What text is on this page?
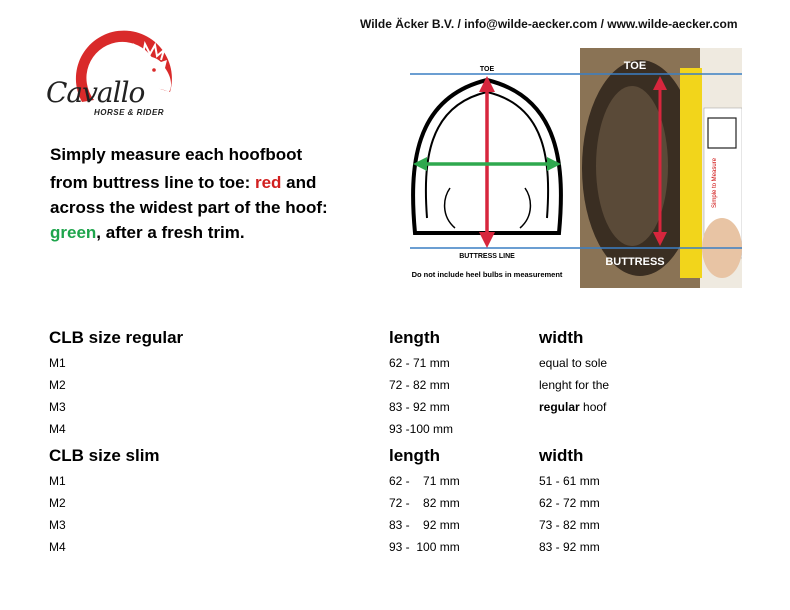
Wilde Äcker B.V. / info@wilde-aecker.com / www.wilde-aecker.com
Cavallo
HORSE & RIDER

Simply measure each hoofboot

from buttress line to toe: red and across the widest part of the hoof: green, after a fresh trim.

TOE
BUTTRESS LINE
Do not include heel bulbs in measurement
Simple to Measure
TOE
BUTTRESS
CLB size regular	length	width
M1	62 - 71 mm	equal to sole
M2	72 - 82 mm	lenght for the
M3	83 - 92 mm	regular hoof
M4	93 -100 mm
CLB size slim	length	width
M1	62 -    71 mm	51 - 61 mm
M2	72 -    82 mm	62 - 72 mm
M3	83 -    92 mm	73 - 82 mm
M4	93 -  100 mm	83 - 92 mm
